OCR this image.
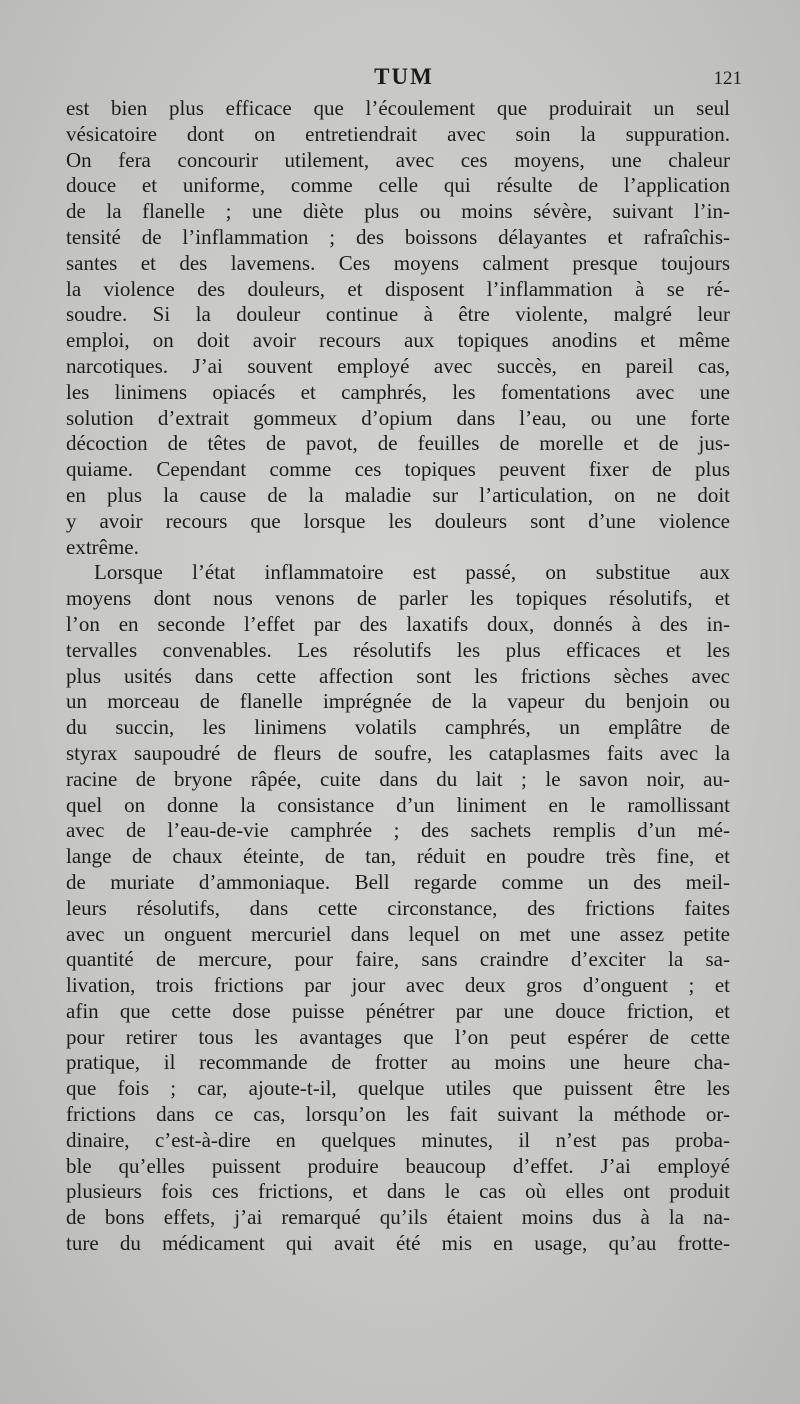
TUM	121
est bien plus efficace que l’écoulement que produirait un seul
vésicatoire dont on entretiendrait avec soin la suppuration.
On fera concourir utilement, avec ces moyens, une chaleur
douce et uniforme, comme celle qui résulte de l’application
de la flanelle ; une diète plus ou moins sévère, suivant l’in-
tensité de l’inflammation ; des boissons délayantes et rafraîchis-
santes et des lavemens. Ces moyens calment presque toujours
la violence des douleurs, et disposent l’inflammation à se ré-
soudre. Si la douleur continue à être violente, malgré leur
emploi, on doit avoir recours aux topiques anodins et même
narcotiques. J’ai souvent employé avec succès, en pareil cas,
les linimens opiacés et camphrés, les fomentations avec une
solution d’extrait gommeux d’opium dans l’eau, ou une forte
décoction de têtes de pavot, de feuilles de morelle et de jus-
quiame. Cependant comme ces topiques peuvent fixer de plus
en plus la cause de la maladie sur l’articulation, on ne doit
y avoir recours que lorsque les douleurs sont d’une violence
extrême.
Lorsque l’état inflammatoire est passé, on substitue aux
moyens dont nous venons de parler les topiques résolutifs, et
l’on en seconde l’effet par des laxatifs doux, donnés à des in-
tervalles convenables. Les résolutifs les plus efficaces et les
plus usités dans cette affection sont les frictions sèches avec
un morceau de flanelle imprégnée de la vapeur du benjoin ou
du succin, les linimens volatils camphrés, un emplâtre de
styrax saupoudré de fleurs de soufre, les cataplasmes faits avec la
racine de bryone râpée, cuite dans du lait ; le savon noir, au-
quel on donne la consistance d’un liniment en le ramollissant
avec de l’eau-de-vie camphrée ; des sachets remplis d’un mé-
lange de chaux éteinte, de tan, réduit en poudre très fine, et
de muriate d’ammoniaque. Bell regarde comme un des meil-
leurs résolutifs, dans cette circonstance, des frictions faites
avec un onguent mercuriel dans lequel on met une assez petite
quantité de mercure, pour faire, sans craindre d’exciter la sa-
livation, trois frictions par jour avec deux gros d’onguent ; et
afin que cette dose puisse pénétrer par une douce friction, et
pour retirer tous les avantages que l’on peut espérer de cette
pratique, il recommande de frotter au moins une heure cha-
que fois ; car, ajoute-t-il, quelque utiles que puissent être les
frictions dans ce cas, lorsqu’on les fait suivant la méthode or-
dinaire, c’est-à-dire en quelques minutes, il n’est pas proba-
ble qu’elles puissent produire beaucoup d’effet. J’ai employé
plusieurs fois ces frictions, et dans le cas où elles ont produit
de bons effets, j’ai remarqué qu’ils étaient moins dus à la na-
ture du médicament qui avait été mis en usage, qu’au frotte-
